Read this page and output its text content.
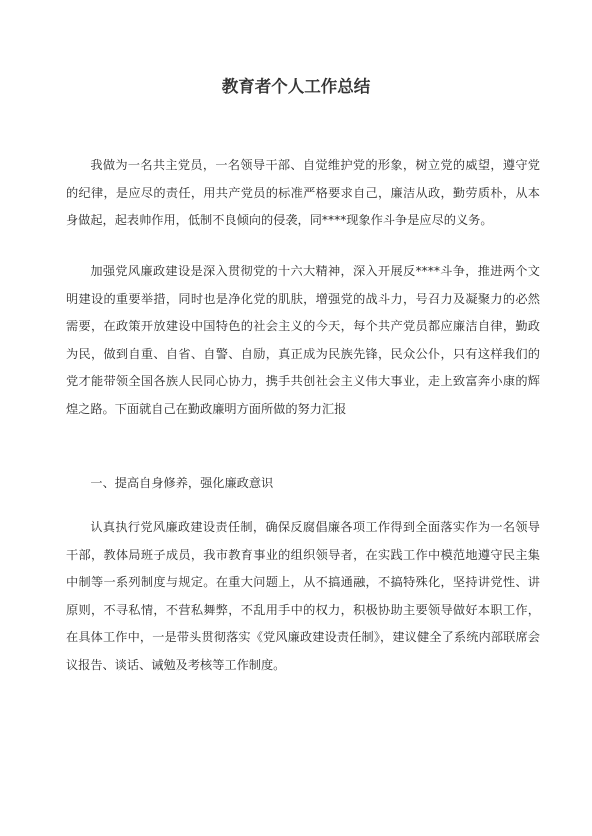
教育者个人工作总结

我做为一名共主党员，一名领导干部、自觉维护党的形象，树立党的威望，遵守党的纪律，是应尽的责任，用共产党员的标准严格要求自己，廉洁从政，勤劳质朴，从本身做起，起表帅作用，低制不良倾向的侵袭，同****现象作斗争是应尽的义务。

加强党风廉政建设是深入贯彻党的十六大精神，深入开展反****斗争，推进两个文明建设的重要举措，同时也是净化党的肌肤，增强党的战斗力，号召力及凝聚力的必然需要，在政策开放建设中国特色的社会主义的今天，每个共产党员都应廉洁自律，勤政为民，做到自重、自省、自警、自励，真正成为民族先锋，民众公仆，只有这样我们的党才能带领全国各族人民同心协力，携手共创社会主义伟大事业，走上致富奔小康的辉煌之路。下面就自己在勤政廉明方面所做的努力汇报

一、提高自身修养，强化廉政意识

认真执行党风廉政建设责任制，确保反腐倡廉各项工作得到全面落实作为一名领导干部，教体局班子成员，我市教育事业的组织领导者，在实践工作中模范地遵守民主集中制等一系列制度与规定。在重大问题上，从不搞通融，不搞特殊化，坚持讲党性、讲原则，不寻私情，不营私舞弊，不乱用手中的权力，积极协助主要领导做好本职工作，在具体工作中，一是带头贯彻落实《党风廉政建设责任制》，建议健全了系统内部联席会议报告、谈话、诫勉及考核等工作制度。
